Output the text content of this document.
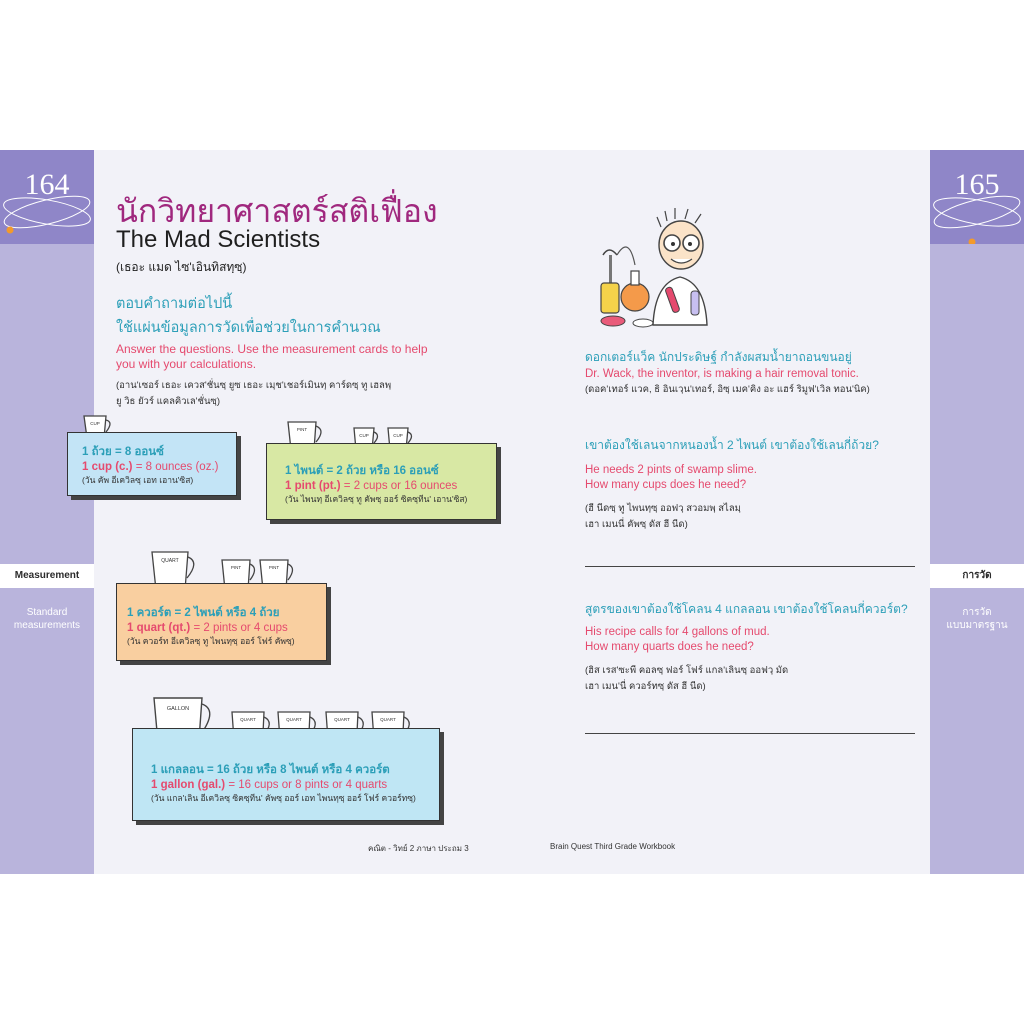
164	165
Measurement
Standard
measurements
การวัด
การวัด
แบบมาตรฐาน
นักวิทยาศาสตร์สติเฟื่อง
The Mad Scientists
(เธอะ แมด ไซ'เอินทิสทฺซฺ)
ตอบคำถามต่อไปนี้
ใช้แผ่นข้อมูลการวัดเพื่อช่วยในการคำนวณ
Answer the questions. Use the measurement cards to help you with your calculations.
(อาน'เซอร์ เธอะ เควส'ชั่นซฺ ยูซ เธอะ เมฺช'เชอร์เมินทฺ คาร์ดซฺ ทู เฮลพฺ
ยู วิธ ยัวร์ แคลคิวเล'ชั่นซฺ)
CUP
1 ถ้วย = 8 ออนซ์
1 cup (c.) = 8 ounces (oz.)
(วัน คัพ อีเควิลซฺ เอท เอาน'ซิส)
PINT
CUP	CUP
1 ไพนต์ = 2 ถ้วย หรือ 16 ออนซ์
1 pint (pt.) = 2 cups or 16 ounces
(วัน ไพนทฺ อีเควิลซฺ ทู คัพซฺ ออร์ ซิคซฺทีน' เอาน'ซิส)
QUART
PINT	PINT
1 ควอร์ต = 2 ไพนต์ หรือ 4 ถ้วย
1 quart (qt.) = 2 pints or 4 cups
(วัน ควอร์ท อีเควิลซฺ ทู ไพนทฺซฺ ออร์ โฟร์ คัพซฺ)
GALLON
QUART	QUART	QUART	QUART
1 แกลลอน = 16 ถ้วย หรือ 8 ไพนต์ หรือ 4 ควอร์ต
1 gallon (gal.) = 16 cups or 8 pints or 4 quarts
(วัน แกล'เลิน อีเควิลซฺ ซิคซฺทีน' คัพซฺ ออร์ เอท ไพนทฺซฺ ออร์ โฟร์ ควอร์ทซฺ)
ดอกเตอร์แว็ค นักประดิษฐ์ กำลังผสมน้ำยาถอนขนอยู่
Dr. Wack, the inventor, is making a hair removal tonic.
(ดอค'เทอร์ แวค, ธิ อินเวฺน'เทอร์, อิซฺ เมค'คิง อะ แฮร์ ริมูฟ'เวิล ทอน'นิค)
เขาต้องใช้เลนจากหนองน้ำ 2 ไพนต์ เขาต้องใช้เลนกี่ถ้วย?
He needs 2 pints of swamp slime.
How many cups does he need?
(ฮี นีดซฺ ทู ไพนทฺซฺ ออฟวฺ สวอมพฺ สไลมฺ
เฮา เมนนี่ คัพซฺ ดัส ฮี นีด)
สูตรของเขาต้องใช้โคลน 4 แกลลอน เขาต้องใช้โคลนกี่ควอร์ต?
His recipe calls for 4 gallons of mud.
How many quarts does he need?
(ฮิส เรส'ซะพี คอลซฺ ฟอร์ โฟร์ แกล'เลินซฺ ออฟวฺ มัด
เฮา เมน'นี่ ควอร์ทซฺ ดัส ฮี นีด)
คณิต - วิทย์ 2 ภาษา ประถม 3	Brain Quest Third Grade Workbook
